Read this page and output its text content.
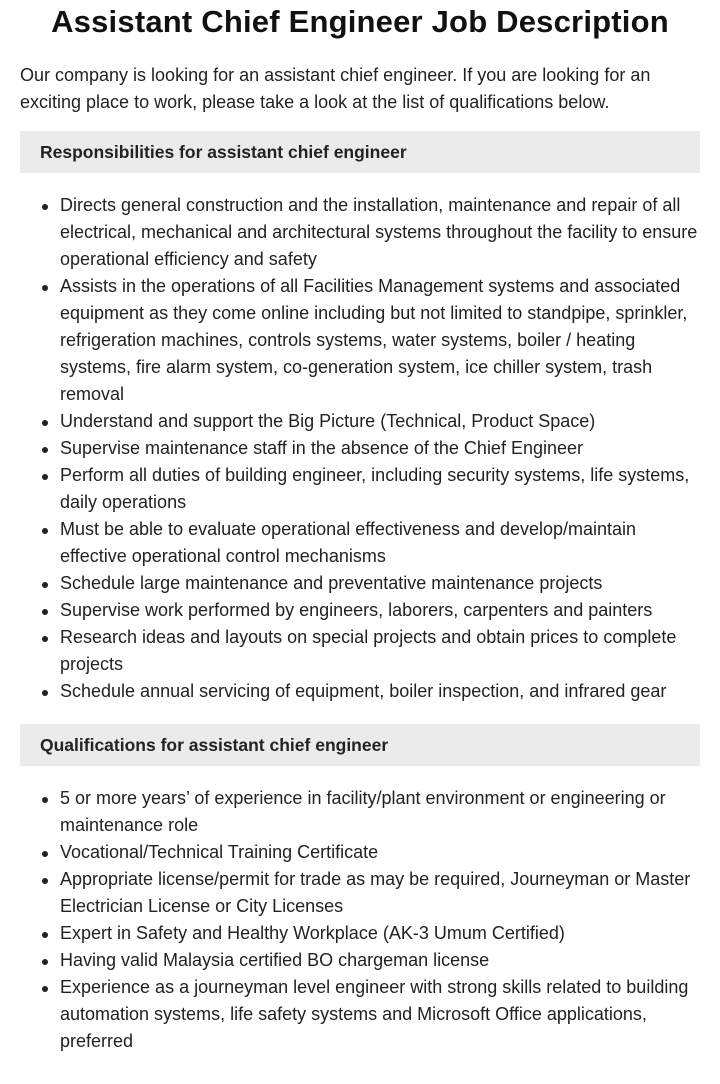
Assistant Chief Engineer Job Description

Our company is looking for an assistant chief engineer. If you are looking for an exciting place to work, please take a look at the list of qualifications below.

Responsibilities for assistant chief engineer
Directs general construction and the installation, maintenance and repair of all electrical, mechanical and architectural systems throughout the facility to ensure operational efficiency and safety
Assists in the operations of all Facilities Management systems and associated equipment as they come online including but not limited to standpipe, sprinkler, refrigeration machines, controls systems, water systems, boiler / heating systems, fire alarm system, co-generation system, ice chiller system, trash removal
Understand and support the Big Picture (Technical, Product Space)
Supervise maintenance staff in the absence of the Chief Engineer
Perform all duties of building engineer, including security systems, life systems, daily operations
Must be able to evaluate operational effectiveness and develop/maintain effective operational control mechanisms
Schedule large maintenance and preventative maintenance projects
Supervise work performed by engineers, laborers, carpenters and painters
Research ideas and layouts on special projects and obtain prices to complete projects
Schedule annual servicing of equipment, boiler inspection, and infrared gear
Qualifications for assistant chief engineer
5 or more years’ of experience in facility/plant environment or engineering or maintenance role
Vocational/Technical Training Certificate
Appropriate license/permit for trade as may be required, Journeyman or Master Electrician License or City Licenses
Expert in Safety and Healthy Workplace (AK-3 Umum Certified)
Having valid Malaysia certified BO chargeman license
Experience as a journeyman level engineer with strong skills related to building automation systems, life safety systems and Microsoft Office applications, preferred
